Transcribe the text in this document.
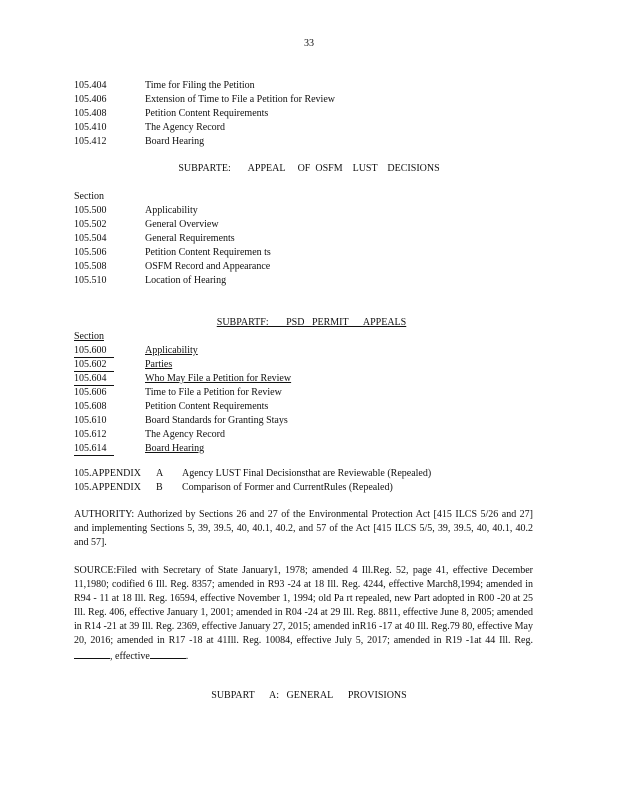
33
105.404	Time for Filing the Petition
105.406	Extension of Time to File a Petition for Review
105.408	Petition Content Requirements
105.410	The Agency Record
105.412	Board Hearing
SUBPARTE:       APPEAL     OF  OSFM    LUST    DECISIONS
Section
105.500	Applicability
105.502	General Overview
105.504	General Requirements
105.506	Petition Content Requiremen ts
105.508	OSFM Record and Appearance
105.510	Location of Hearing

SUBPARTF:       PSD   PERMIT      APPEALS

Section
105.600	Applicability
105.602	Parties
105.604	Who May File a Petition for Review
105.606	Time to File a Petition for Review
105.608	Petition Content Requirements
105.610	Board Standards for Granting Stays
105.612	The Agency Record
105.614	Board Hearing
105.APPENDIX	A	Agency LUST Final Decisionsthat are Reviewable (Repealed)
105.APPENDIX	B	Comparison of Former and CurrentRules (Repealed)
AUTHORITY: Authorized by Sections 26 and 27 of the Environmental Protection Act [415 ILCS 5/26 and 27] and implementing Sections 5, 39, 39.5, 40, 40.1, 40.2, and 57 of the Act [415 ILCS 5/5, 39, 39.5, 40, 40.1, 40.2 and 57].
SOURCE:Filed with Secretary of State January1, 1978; amended 4 Ill.Reg. 52, page 41, effective December 11,1980; codified 6 Ill. Reg. 8357; amended in R93 -24 at 18 Ill. Reg. 4244, effective March8,1994; amended in R94 - 11 at 18 Ill. Reg. 16594, effective November 1, 1994; old Pa rt repealed, new Part adopted in R00 -20 at 25 Ill. Reg. 406, effective January 1, 2001; amended in R04 -24 at 29 Ill. Reg. 8811, effective June 8, 2005; amended in R14 -21 at 39 Ill. Reg. 2369, effective January 27, 2015; amended inR16 -17 at 40 Ill. Reg.79 80, effective May 20, 2016; amended in R17 -18 at 41Ill. Reg. 10084, effective July 5, 2017; amended in R19 -1at 44 Ill. Reg., effective	.
SUBPART      A:   GENERAL      PROVISIONS
